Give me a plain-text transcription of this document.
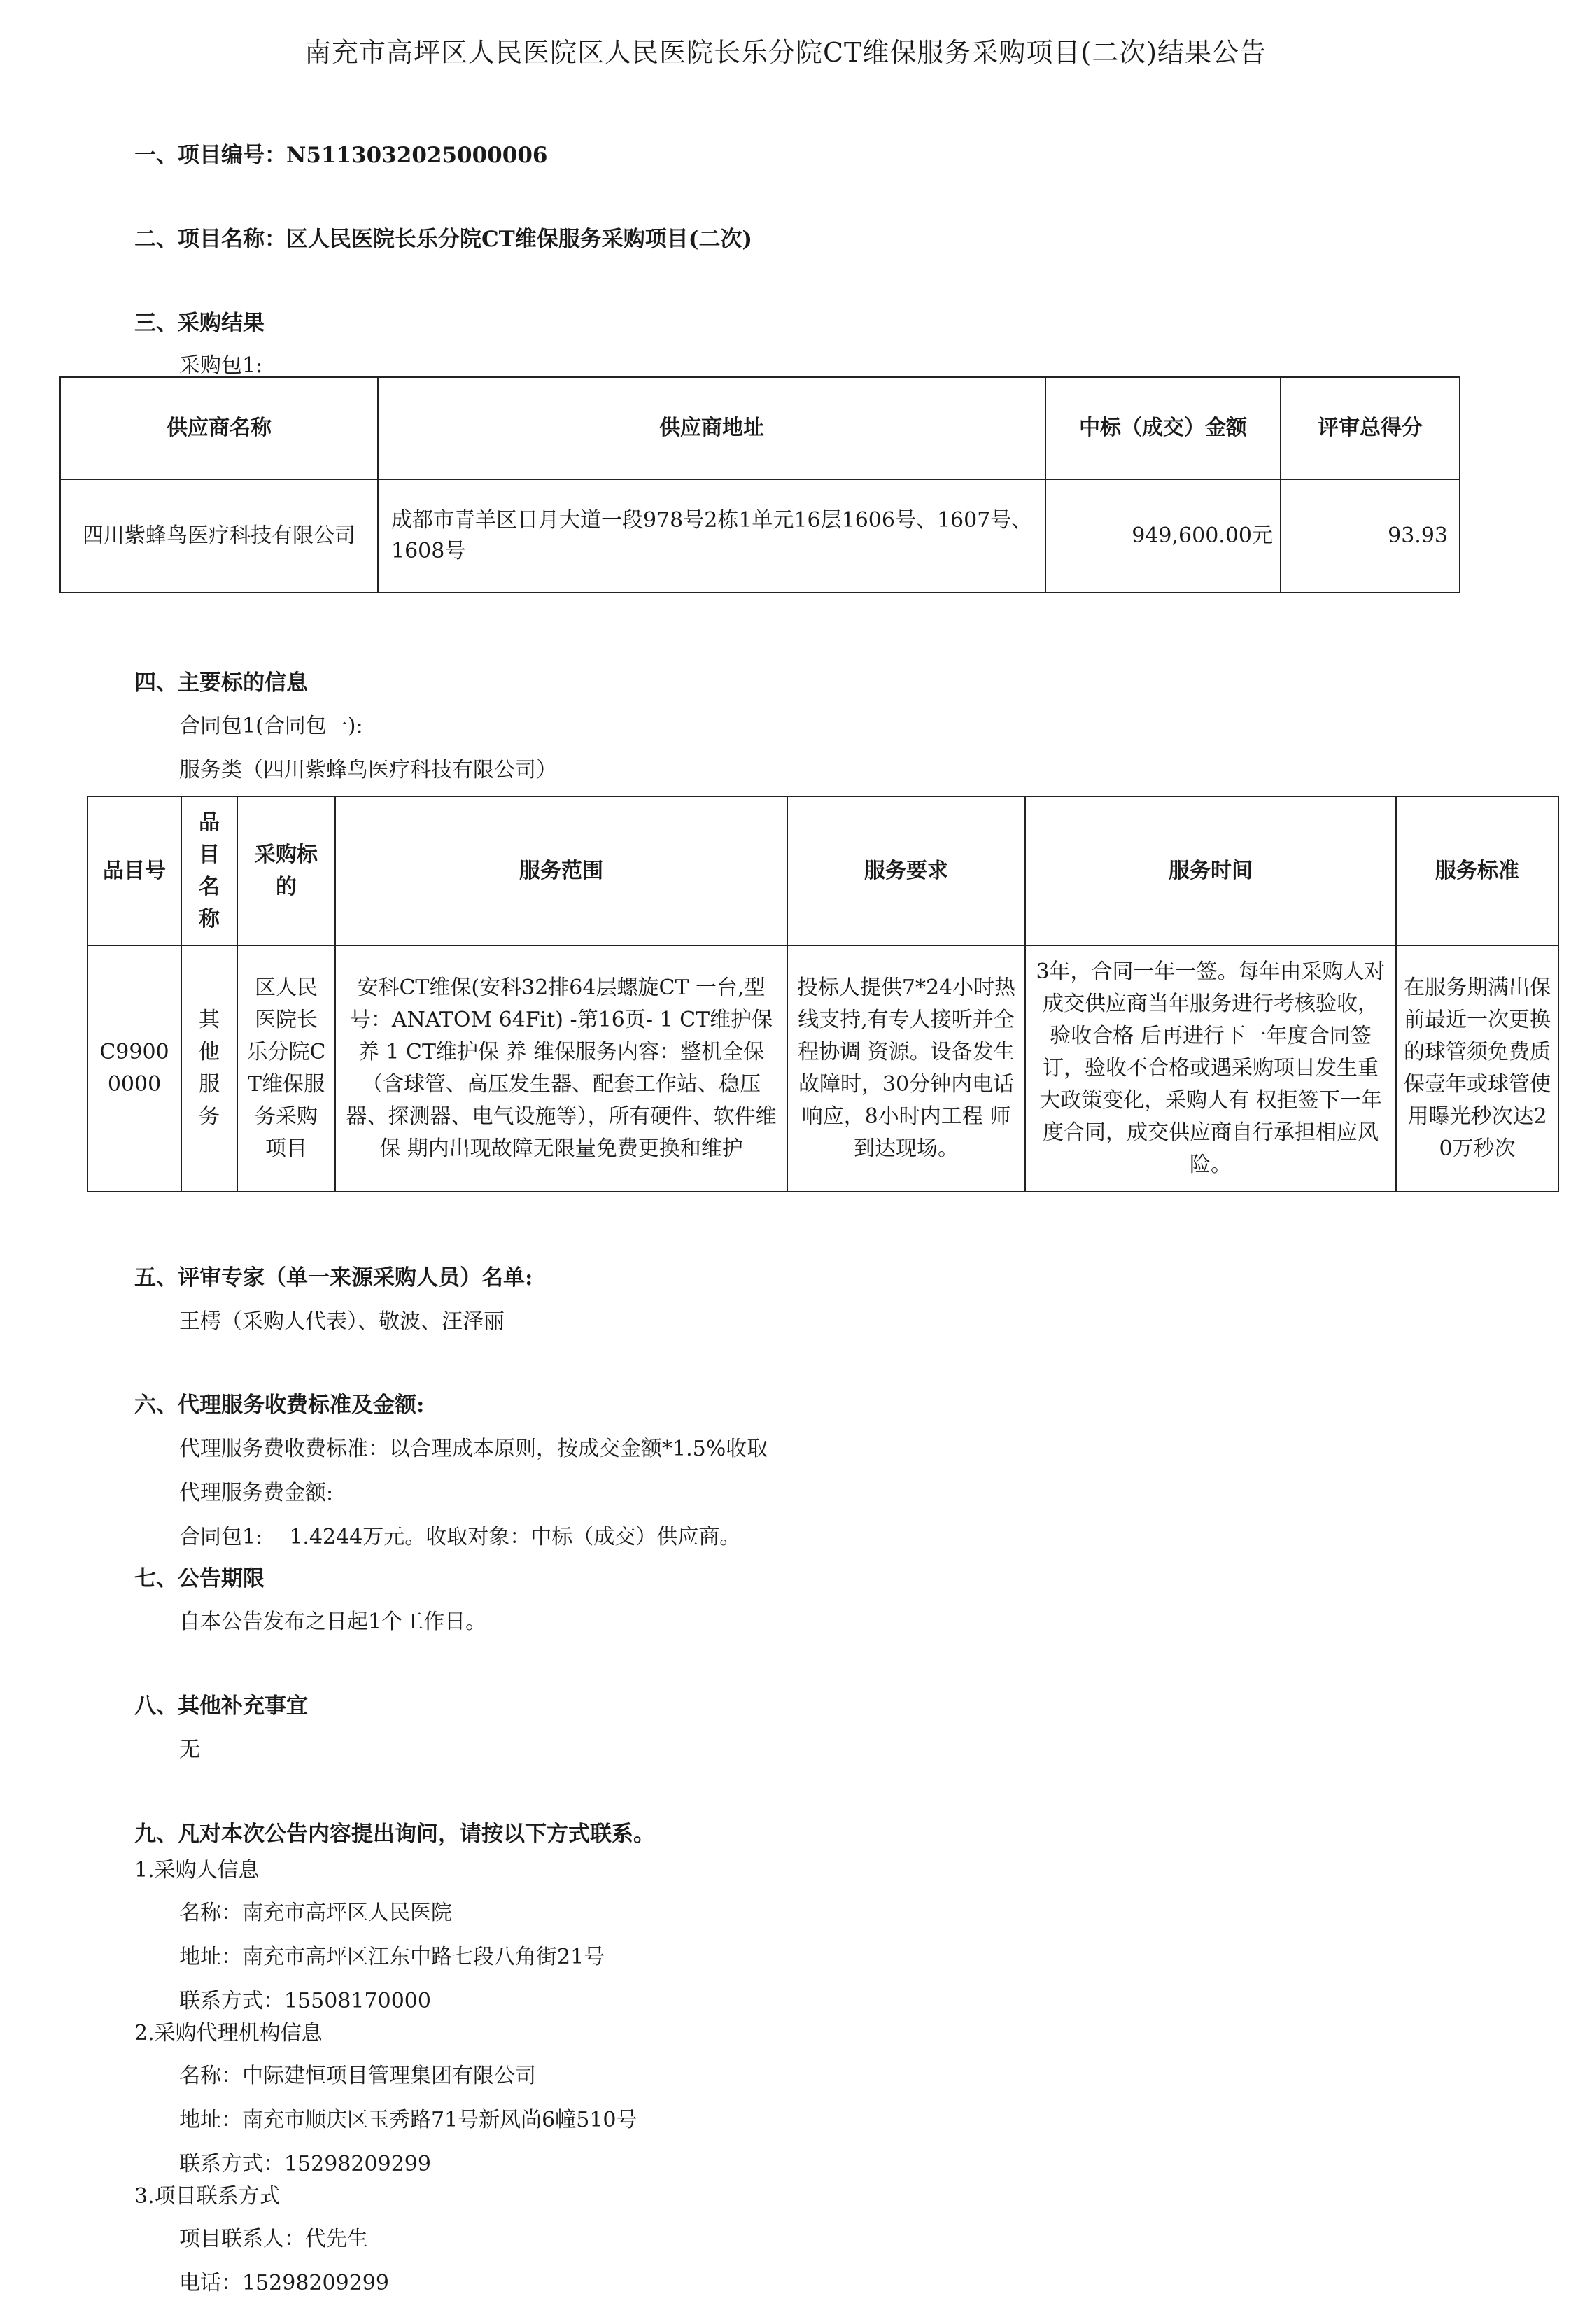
南充市高坪区人民医院区人民医院长乐分院CT维保服务采购项目(二次)结果公告
一、项目编号：N5113032025000006
二、项目名称：区人民医院长乐分院CT维保服务采购项目(二次)
三、采购结果
采购包1:
供应商名称	供应商地址	中标（成交）金额	评审总得分
四川紫蜂鸟医疗科技有限公司	成都市青羊区日月大道一段978号2栋1单元16层1606号、1607号、1608号	949,600.00元	93.93
四、主要标的信息
合同包1(合同包一):
服务类（四川紫蜂鸟医疗科技有限公司）
品目号	品目名称	采购标的	服务范围	服务要求	服务时间	服务标准
C99000000	其他服务	区人民医院长乐分院CT维保服务采购项目	安科CT维保(安科32排64层螺旋CT 一台,型号：ANATOM 64Fit) -第16页- 1 CT维护保养 1 CT维护保 养 维保服务内容：整机全保（含球管、高压发生器、配套工作站、稳压器、探测器、电气设施等），所有硬件、软件维保 期内出现故障无限量免费更换和维护	投标人提供7*24小时热线支持,有专人接听并全程协调 资源。设备发生故障时，30分钟内电话响应，8小时内工程 师到达现场。	3年，合同一年一签。每年由采购人对成交供应商当年服务进行考核验收，验收合格 后再进行下一年度合同签订，验收不合格或遇采购项目发生重大政策变化，采购人有 权拒签下一年度合同，成交供应商自行承担相应风险。	在服务期满出保前最近一次更换的球管须免费质保壹年或球管使用曝光秒次达20万秒次
五、评审专家（单一来源采购人员）名单:
王樗（采购人代表）、敬波、汪泽丽
六、代理服务收费标准及金额:
代理服务费收费标准：以合理成本原则，按成交金额*1.5%收取
代理服务费金额:
合同包1:    1.4244万元。收取对象：中标（成交）供应商。
七、公告期限
自本公告发布之日起1个工作日。
八、其他补充事宜
无
九、凡对本次公告内容提出询问，请按以下方式联系。
1.采购人信息
名称：南充市高坪区人民医院
地址：南充市高坪区江东中路七段八角街21号
联系方式：15508170000
2.采购代理机构信息
名称：中际建恒项目管理集团有限公司
地址：南充市顺庆区玉秀路71号新风尚6幢510号
联系方式：15298209299
3.项目联系方式
项目联系人：代先生
电话：15298209299
